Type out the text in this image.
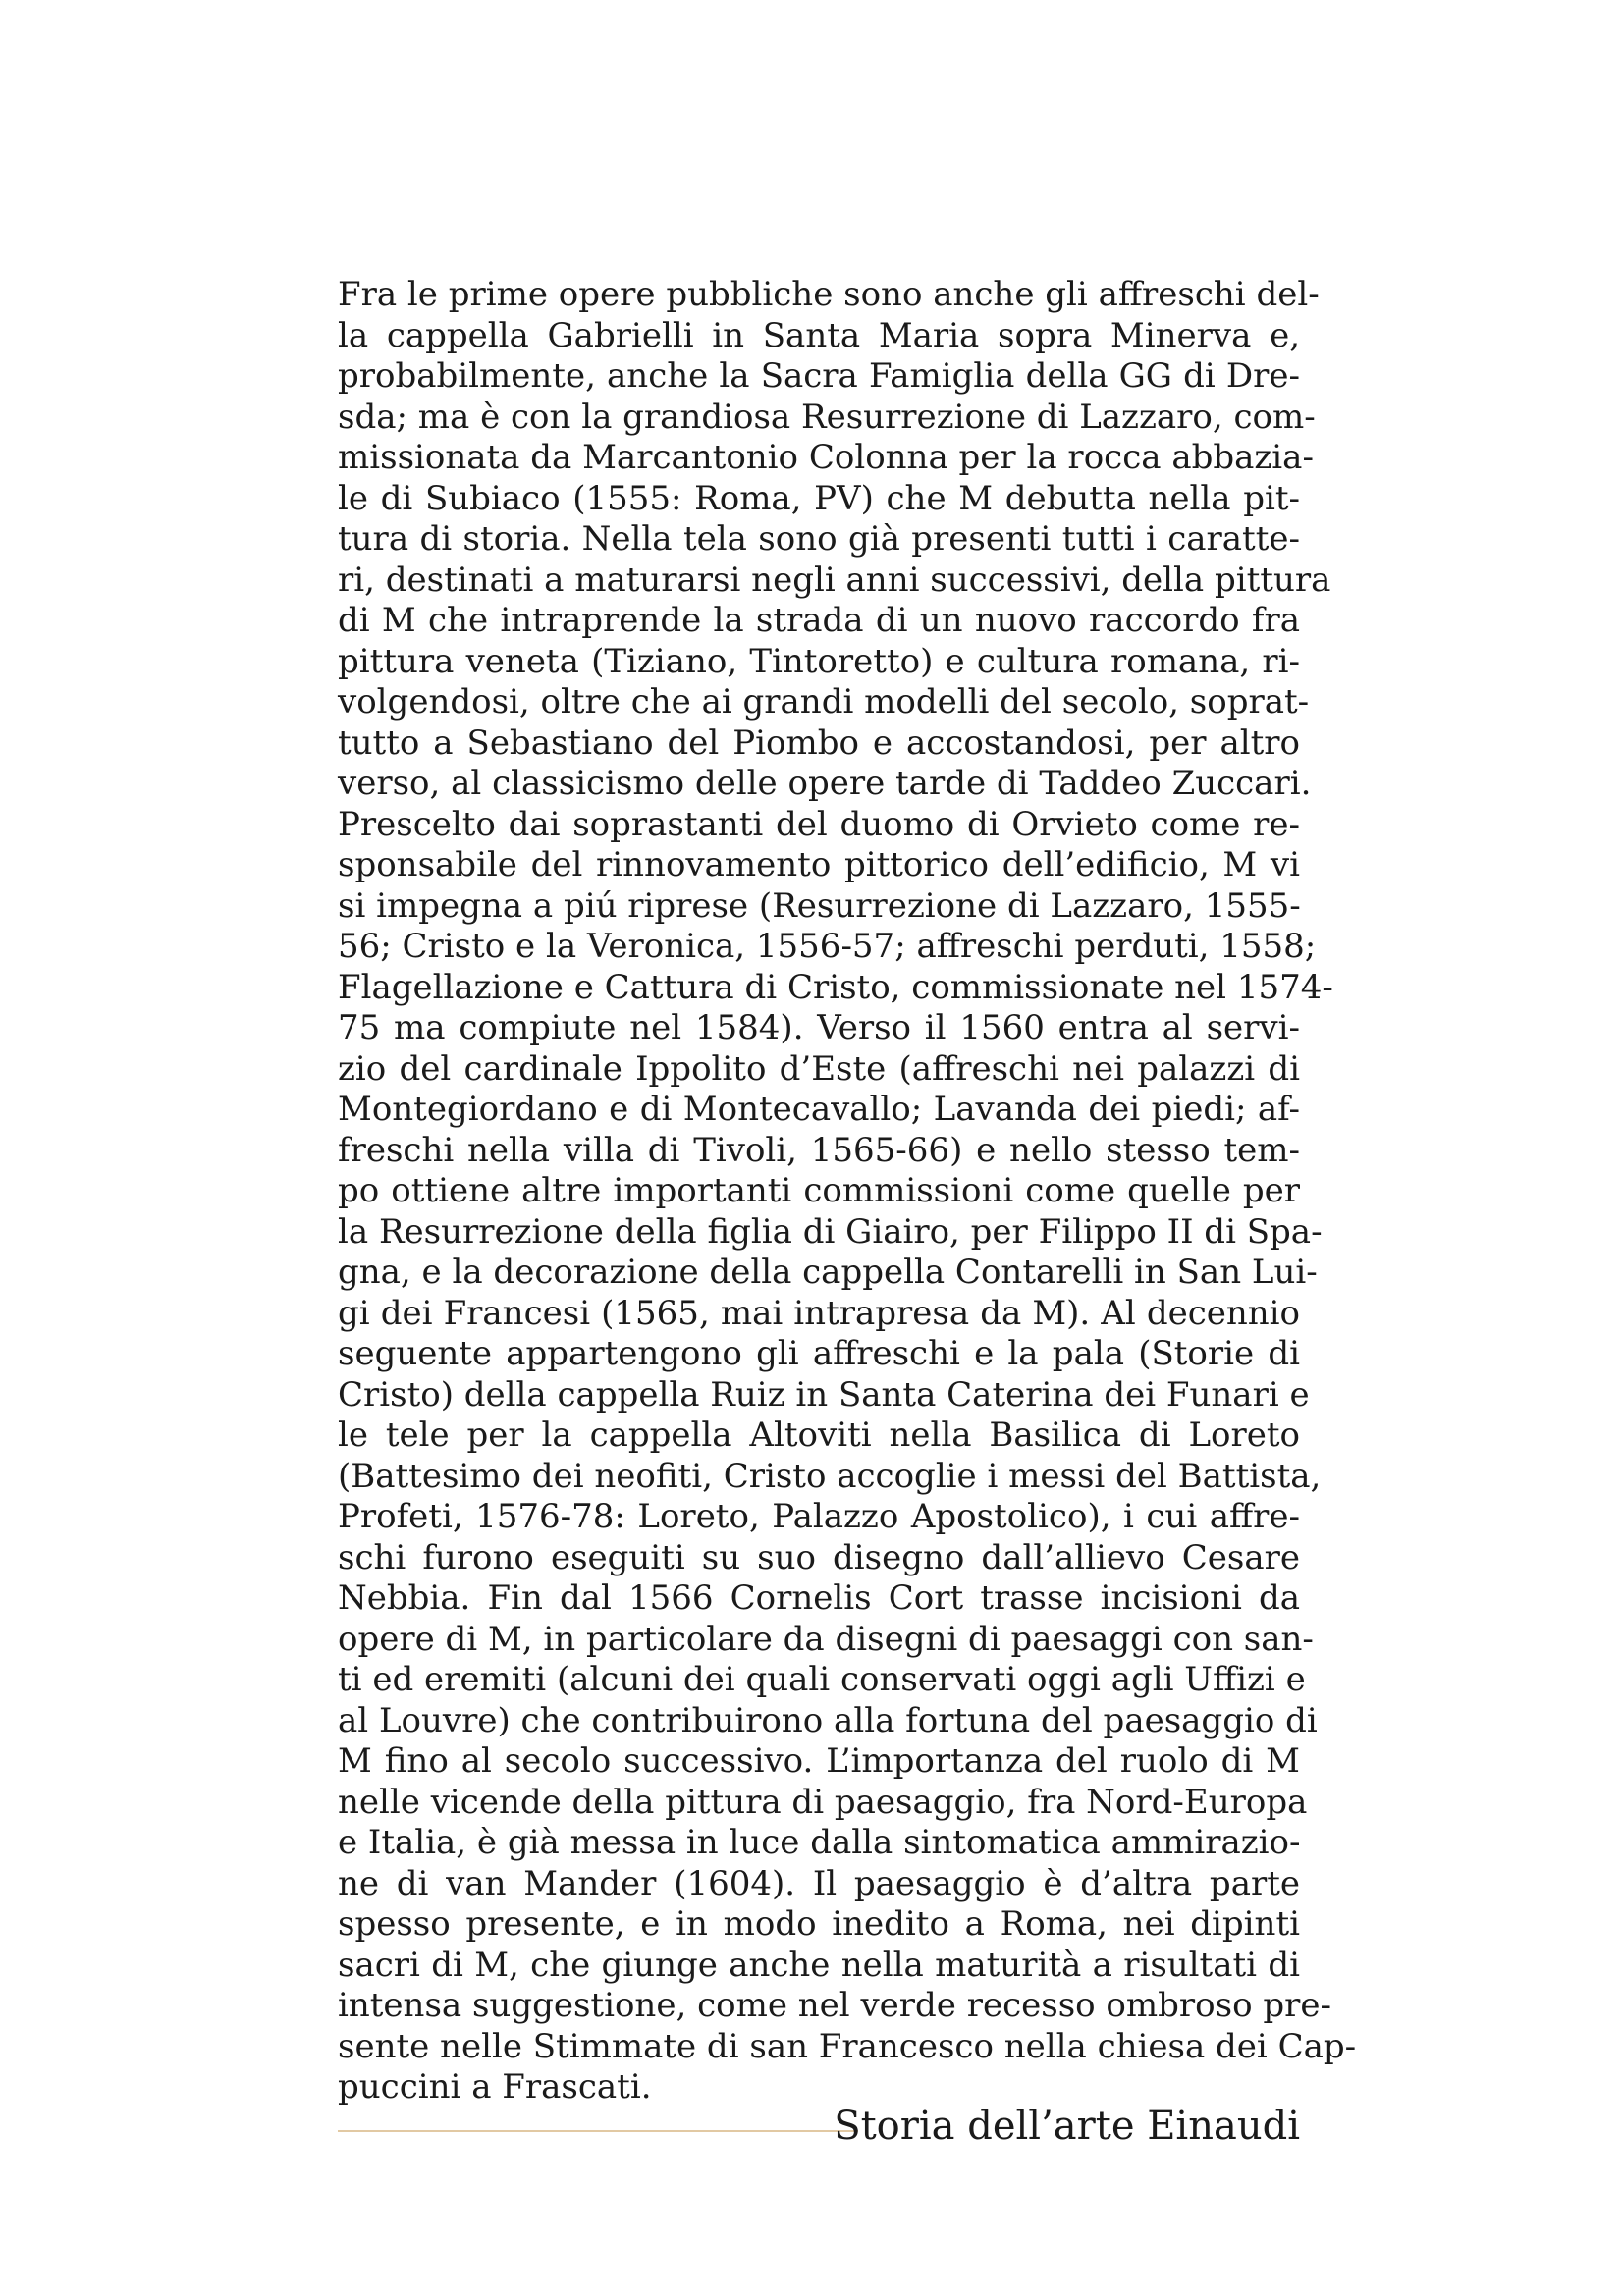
Fra le prime opere pubbliche sono anche gli affreschi del-
la cappella Gabrielli in Santa Maria sopra Minerva e,
probabilmente, anche la Sacra Famiglia della GG di Dre-
sda; ma è con la grandiosa Resurrezione di Lazzaro, com-
missionata da Marcantonio Colonna per la rocca abbazia-
le di Subiaco (1555: Roma, PV) che M debutta nella pit-
tura di storia. Nella tela sono già presenti tutti i caratte-
ri, destinati a maturarsi negli anni successivi, della pittura
di M che intraprende la strada di un nuovo raccordo fra
pittura veneta (Tiziano, Tintoretto) e cultura romana, ri-
volgendosi, oltre che ai grandi modelli del secolo, soprat-
tutto a Sebastiano del Piombo e accostandosi, per altro
verso, al classicismo delle opere tarde di Taddeo Zuccari.
Prescelto dai soprastanti del duomo di Orvieto come re-
sponsabile del rinnovamento pittorico dell’edificio, M vi
si impegna a piú riprese (Resurrezione di Lazzaro, 1555-
56; Cristo e la Veronica, 1556-57; affreschi perduti, 1558;
Flagellazione e Cattura di Cristo, commissionate nel 1574-
75 ma compiute nel 1584). Verso il 1560 entra al servi-
zio del cardinale Ippolito d’Este (affreschi nei palazzi di
Montegiordano e di Montecavallo; Lavanda dei piedi; af-
freschi nella villa di Tivoli, 1565-66) e nello stesso tem-
po ottiene altre importanti commissioni come quelle per
la Resurrezione della figlia di Giairo, per Filippo II di Spa-
gna, e la decorazione della cappella Contarelli in San Lui-
gi dei Francesi (1565, mai intrapresa da M). Al decennio
seguente appartengono gli affreschi e la pala (Storie di
Cristo) della cappella Ruiz in Santa Caterina dei Funari e
le tele per la cappella Altoviti nella Basilica di Loreto
(Battesimo dei neofiti, Cristo accoglie i messi del Battista,
Profeti, 1576-78: Loreto, Palazzo Apostolico), i cui affre-
schi furono eseguiti su suo disegno dall’allievo Cesare
Nebbia. Fin dal 1566 Cornelis Cort trasse incisioni da
opere di M, in particolare da disegni di paesaggi con san-
ti ed eremiti (alcuni dei quali conservati oggi agli Uffizi e
al Louvre) che contribuirono alla fortuna del paesaggio di
M fino al secolo successivo. L’importanza del ruolo di M
nelle vicende della pittura di paesaggio, fra Nord-Europa
e Italia, è già messa in luce dalla sintomatica ammirazio-
ne di van Mander (1604). Il paesaggio è d’altra parte
spesso presente, e in modo inedito a Roma, nei dipinti
sacri di M, che giunge anche nella maturità a risultati di
intensa suggestione, come nel verde recesso ombroso pre-
sente nelle Stimmate di san Francesco nella chiesa dei Cap-
puccini a Frascati.
Storia dell’arte Einaudi
